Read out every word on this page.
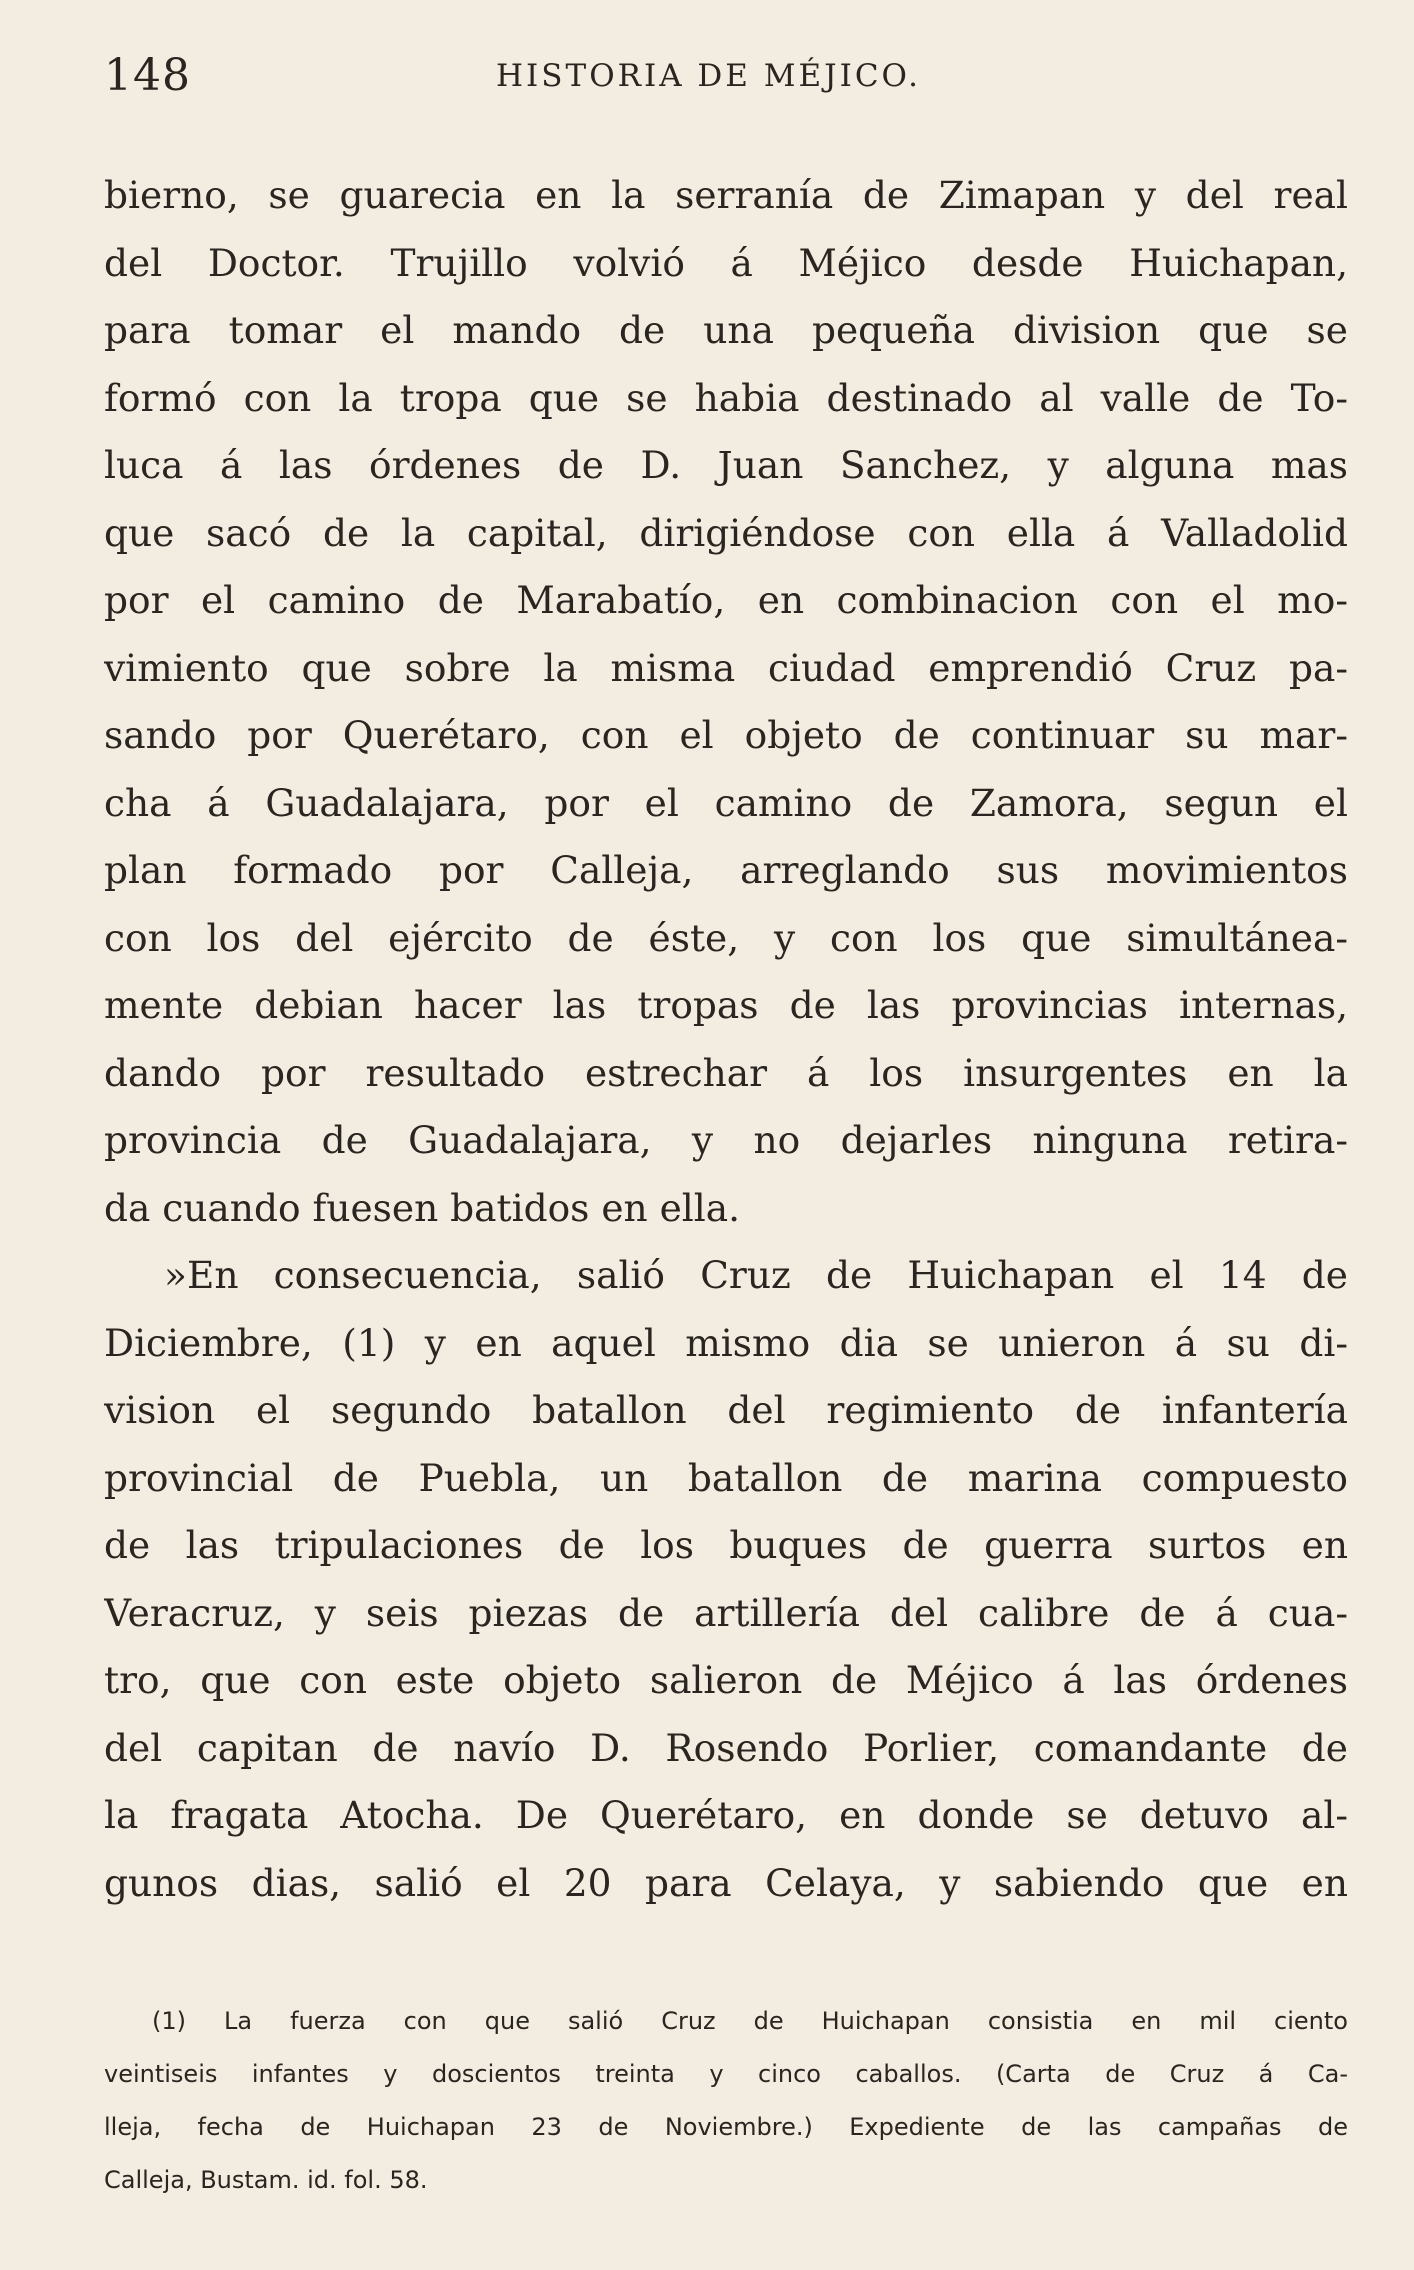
148	HISTORIA DE MÉJICO.
bierno, se guarecia en la serranía de Zimapan y del real
del Doctor. Trujillo volvió á Méjico desde Huichapan,
para tomar el mando de una pequeña division que se
formó con la tropa que se habia destinado al valle de To-
luca á las órdenes de D. Juan Sanchez, y alguna mas
que sacó de la capital, dirigiéndose con ella á Valladolid
por el camino de Marabatío, en combinacion con el mo-
vimiento que sobre la misma ciudad emprendió Cruz pa-
sando por Querétaro, con el objeto de continuar su mar-
cha á Guadalajara, por el camino de Zamora, segun el
plan formado por Calleja, arreglando sus movimientos
con los del ejército de éste, y con los que simultánea-
mente debian hacer las tropas de las provincias internas,
dando por resultado estrechar á los insurgentes en la
provincia de Guadalajara, y no dejarles ninguna retira-
da cuando fuesen batidos en ella.
»En consecuencia, salió Cruz de Huichapan el 14 de
Diciembre, (1) y en aquel mismo dia se unieron á su di-
vision el segundo batallon del regimiento de infantería
provincial de Puebla, un batallon de marina compuesto
de las tripulaciones de los buques de guerra surtos en
Veracruz, y seis piezas de artillería del calibre de á cua-
tro, que con este objeto salieron de Méjico á las órdenes
del capitan de navío D. Rosendo Porlier, comandante de
la fragata Atocha. De Querétaro, en donde se detuvo al-
gunos dias, salió el 20 para Celaya, y sabiendo que en
(1) La fuerza con que salió Cruz de Huichapan consistia en mil ciento
veintiseis infantes y doscientos treinta y cinco caballos. (Carta de Cruz á Ca-
lleja, fecha de Huichapan 23 de Noviembre.) Expediente de las campañas de
Calleja, Bustam. id. fol. 58.
